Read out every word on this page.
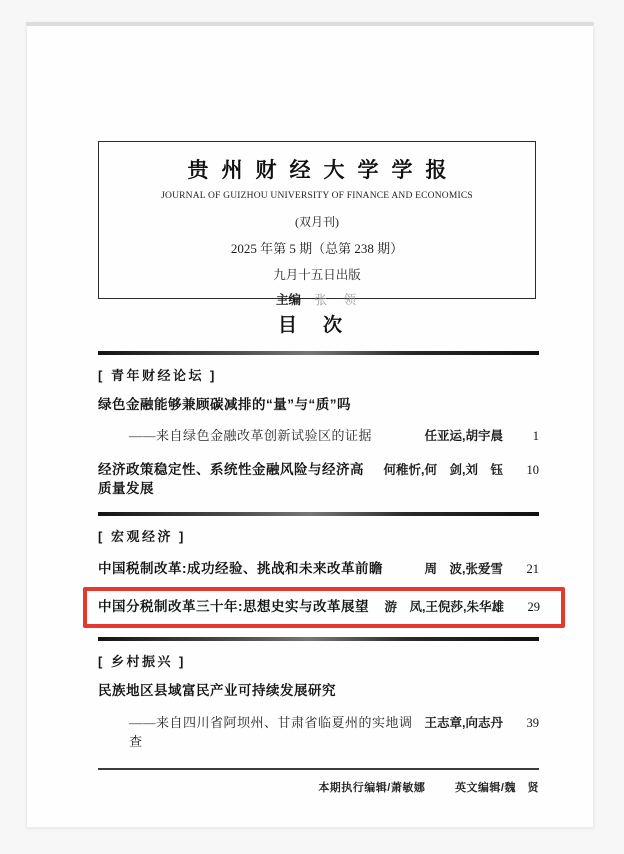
贵州财经大学学报
JOURNAL OF GUIZHOU UNIVERSITY OF FINANCE AND ECONOMICS
(双月刊)
2025 年第 5 期（总第 238 期）
九月十五日出版
主编 张　领
目次
[ 青年财经论坛 ]
绿色金融能够兼顾碳减排的“量”与“质”吗
——来自绿色金融改革创新试验区的证据	任亚运,胡宇晨	1
经济政策稳定性、系统性金融风险与经济高质量发展
何稚忻,何　剑,刘　钰	10
[ 宏观经济 ]
中国税制改革:成功经验、挑战和未来改革前瞻	周　波,张爱雪	21
中国分税制改革三十年:思想史实与改革展望	游　凤,王倪莎,朱华雄	29
[ 乡村振兴 ]
民族地区县域富民产业可持续发展研究
——来自四川省阿坝州、甘肃省临夏州的实地调查
王志章,向志丹	39
本期执行编辑/萧敏娜	英文编辑/魏　贤
